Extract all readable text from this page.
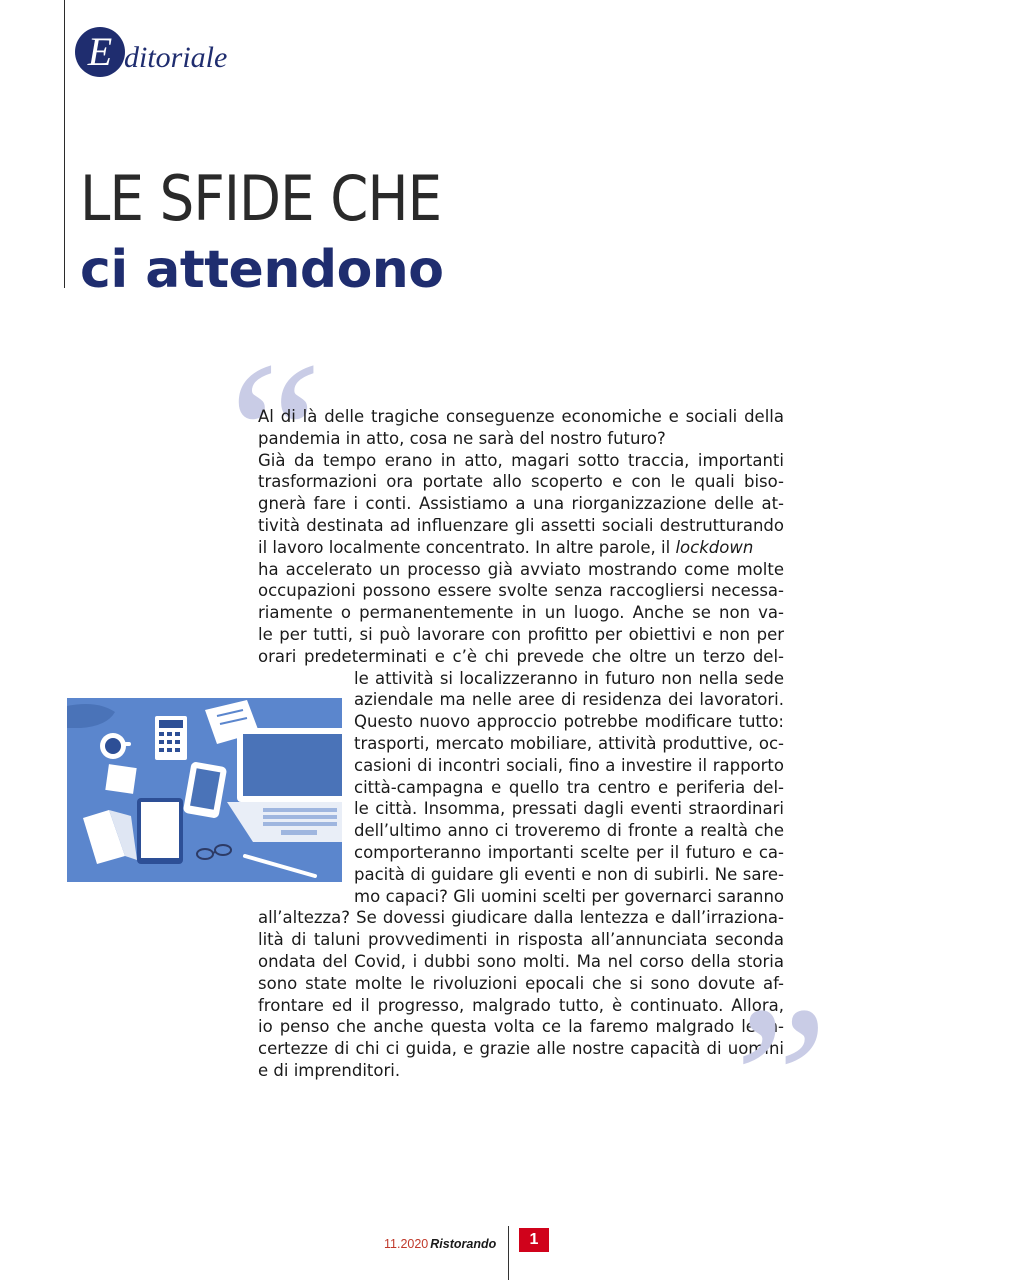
E ditoriale
LE SFIDE CHE
ci attendono
“
Al di là delle tragiche conseguenze economiche e sociali della
pandemia in atto, cosa ne sarà del nostro futuro?
Già da tempo erano in atto, magari sotto traccia, importanti
trasformazioni ora portate allo scoperto e con le quali biso-
gnerà fare i conti. Assistiamo a una riorganizzazione delle at-
tività destinata ad influenzare gli assetti sociali destrutturando
il lavoro localmente concentrato. In altre parole, il lockdown
ha accelerato un processo già avviato mostrando come molte
occupazioni possono essere svolte senza raccogliersi necessa-
riamente o permanentemente in un luogo. Anche se non va-
le per tutti, si può lavorare con profitto per obiettivi e non per
orari predeterminati e c’è chi prevede che oltre un terzo del-
le attività si localizzeranno in futuro non nella sede
aziendale ma nelle aree di residenza dei lavoratori.
Questo nuovo approccio potrebbe modificare tutto:
trasporti, mercato mobiliare, attività produttive, oc-
casioni di incontri sociali, fino a investire il rapporto
città-campagna e quello tra centro e periferia del-
le città. Insomma, pressati dagli eventi straordinari
dell’ultimo anno ci troveremo di fronte a realtà che
comporteranno importanti scelte per il futuro e ca-
pacità di guidare gli eventi e non di subirli. Ne sare-
mo capaci? Gli uomini scelti per governarci saranno
all’altezza? Se dovessi giudicare dalla lentezza e dall’irraziona-
lità di taluni provvedimenti in risposta all’annunciata seconda
ondata del Covid, i dubbi sono molti. Ma nel corso della storia
sono state molte le rivoluzioni epocali che si sono dovute af-
frontare ed il progresso, malgrado tutto, è continuato. Allora,
io penso che anche questa volta ce la faremo malgrado le in-
certezze di chi ci guida, e grazie alle nostre capacità di uomini
e di imprenditori.	”
11.2020 Ristorando	1
